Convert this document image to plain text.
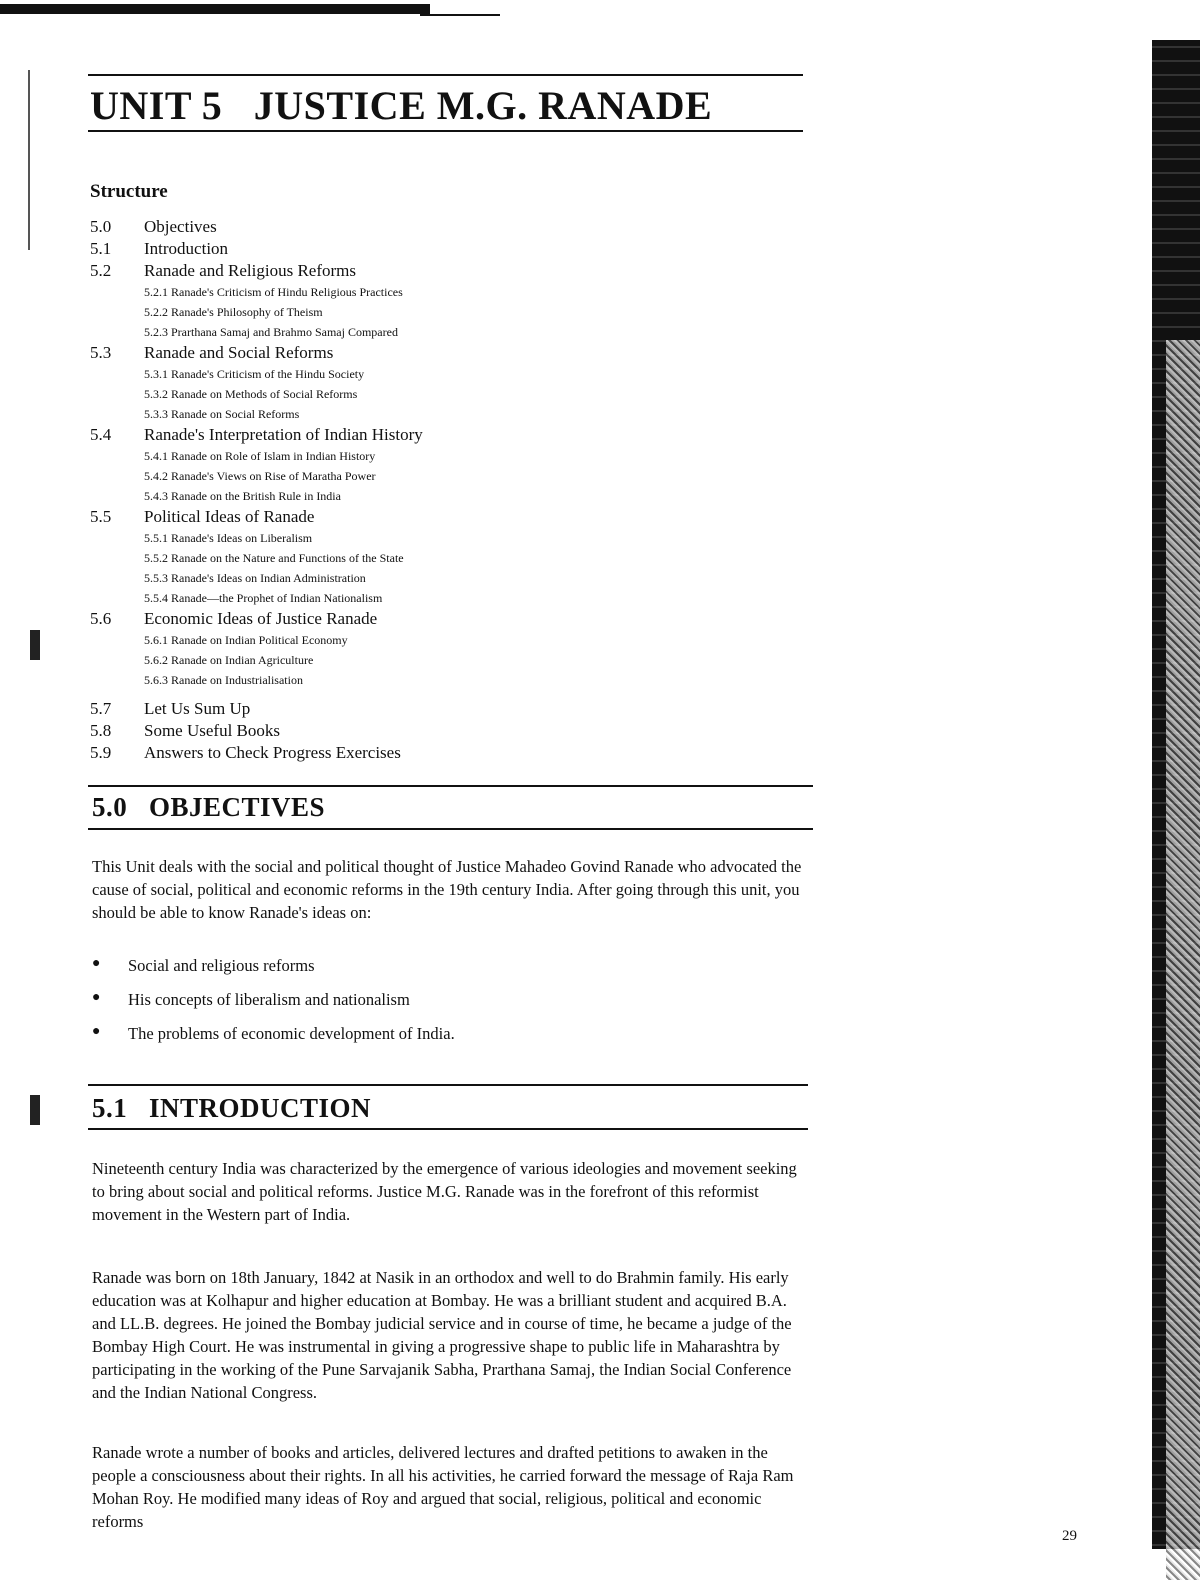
UNIT 5   JUSTICE M.G. RANADE
Structure
5.0	Objectives
5.1	Introduction
5.2	Ranade and Religious Reforms
5.2.1 Ranade's Criticism of Hindu Religious Practices
5.2.2 Ranade's Philosophy of Theism
5.2.3 Prarthana Samaj and Brahmo Samaj Compared
5.3	Ranade and Social Reforms
5.3.1 Ranade's Criticism of the Hindu Society
5.3.2 Ranade on Methods of Social Reforms
5.3.3 Ranade on Social Reforms
5.4	Ranade's Interpretation of Indian History
5.4.1 Ranade on Role of Islam in Indian History
5.4.2 Ranade's Views on Rise of Maratha Power
5.4.3 Ranade on the British Rule in India
5.5	Political Ideas of Ranade
5.5.1 Ranade's Ideas on Liberalism
5.5.2 Ranade on the Nature and Functions of the State
5.5.3 Ranade's Ideas on Indian Administration
5.5.4 Ranade—the Prophet of Indian Nationalism
5.6	Economic Ideas of Justice Ranade
5.6.1 Ranade on Indian Political Economy
5.6.2 Ranade on Indian Agriculture
5.6.3 Ranade on Industrialisation
5.7	Let Us Sum Up
5.8	Some Useful Books
5.9	Answers to Check Progress Exercises
5.0   OBJECTIVES

This Unit deals with the social and political thought of Justice Mahadeo Govind Ranade who advocated the cause of social, political and economic reforms in the 19th century India. After going through this unit, you should be able to know Ranade's ideas on:

●	Social and religious reforms
●	His concepts of liberalism and nationalism
●	The problems of economic development of India.
5.1   INTRODUCTION

Nineteenth century India was characterized by the emergence of various ideologies and movement seeking to bring about social and political reforms. Justice M.G. Ranade was in the forefront of this reformist movement in the Western part of India.

Ranade was born on 18th January, 1842 at Nasik in an orthodox and well to do Brahmin family. His early education was at Kolhapur and higher education at Bombay. He was a brilliant student and acquired B.A. and LL.B. degrees. He joined the Bombay judicial service and in course of time, he became a judge of the Bombay High Court. He was instrumental in giving a progressive shape to public life in Maharashtra by participating in the working of the Pune Sarvajanik Sabha, Prarthana Samaj, the Indian Social Conference and the Indian National Congress.

Ranade wrote a number of books and articles, delivered lectures and drafted petitions to awaken in the people a consciousness about their rights. In all his activities, he carried forward the message of Raja Ram Mohan Roy. He modified many ideas of Roy and argued that social, religious, political and economic reforms

29
